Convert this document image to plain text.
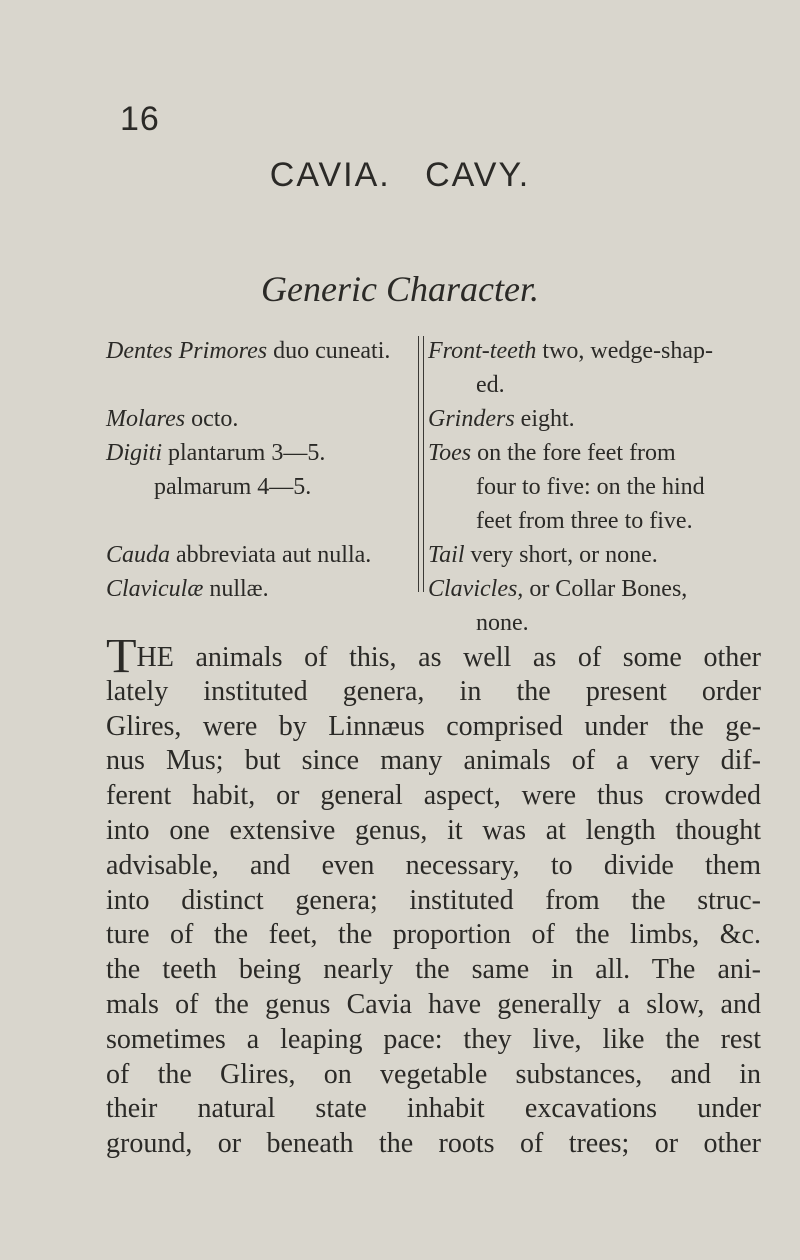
16
CAVIA.   CAVY.
Generic Character.
Dentes Primores duo cuneati.
Molares octo.
Digiti plantarum 3—5.
palmarum 4—5.
Cauda abbreviata aut nulla.
Claviculæ nullæ.
Front-teeth two, wedge-shap-
ed.
Grinders eight.
Toes on the fore feet from
four to five: on the hind
feet from three to five.
Tail very short, or none.
Clavicles, or Collar Bones,
none.
THE animals of this, as well as of some other
lately instituted genera, in the present order
Glires, were by Linnæus comprised under the ge-
nus Mus; but since many animals of a very dif-
ferent habit, or general aspect, were thus crowded
into one extensive genus, it was at length thought
advisable, and even necessary, to divide them
into distinct genera; instituted from the struc-
ture of the feet, the proportion of the limbs, &c.
the teeth being nearly the same in all. The ani-
mals of the genus Cavia have generally a slow, and
sometimes a leaping pace: they live, like the rest
of the Glires, on vegetable substances, and in
their natural state inhabit excavations under
ground, or beneath the roots of trees; or other
